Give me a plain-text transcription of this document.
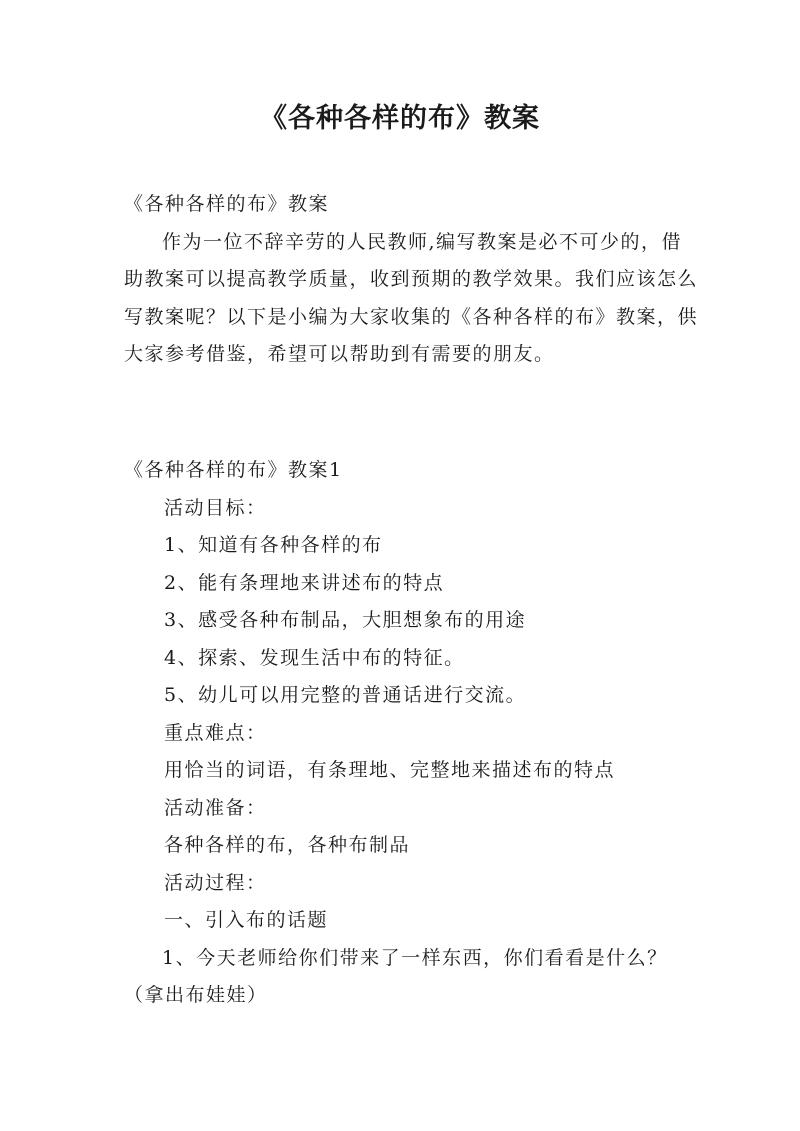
《各种各样的布》教案

《各种各样的布》教案

作为一位不辞辛劳的人民教师,编写教案是必不可少的，借助教案可以提高教学质量，收到预期的教学效果。我们应该怎么写教案呢？以下是小编为大家收集的《各种各样的布》教案，供大家参考借鉴，希望可以帮助到有需要的朋友。

《各种各样的布》教案1

活动目标：

1、知道有各种各样的布

2、能有条理地来讲述布的特点

3、感受各种布制品，大胆想象布的用途

4、探索、发现生活中布的特征。

5、幼儿可以用完整的普通话进行交流。

重点难点：

用恰当的词语，有条理地、完整地来描述布的特点

活动准备：

各种各样的布，各种布制品

活动过程：

一、引入布的话题

1、今天老师给你们带来了一样东西，你们看看是什么？（拿出布娃娃）
